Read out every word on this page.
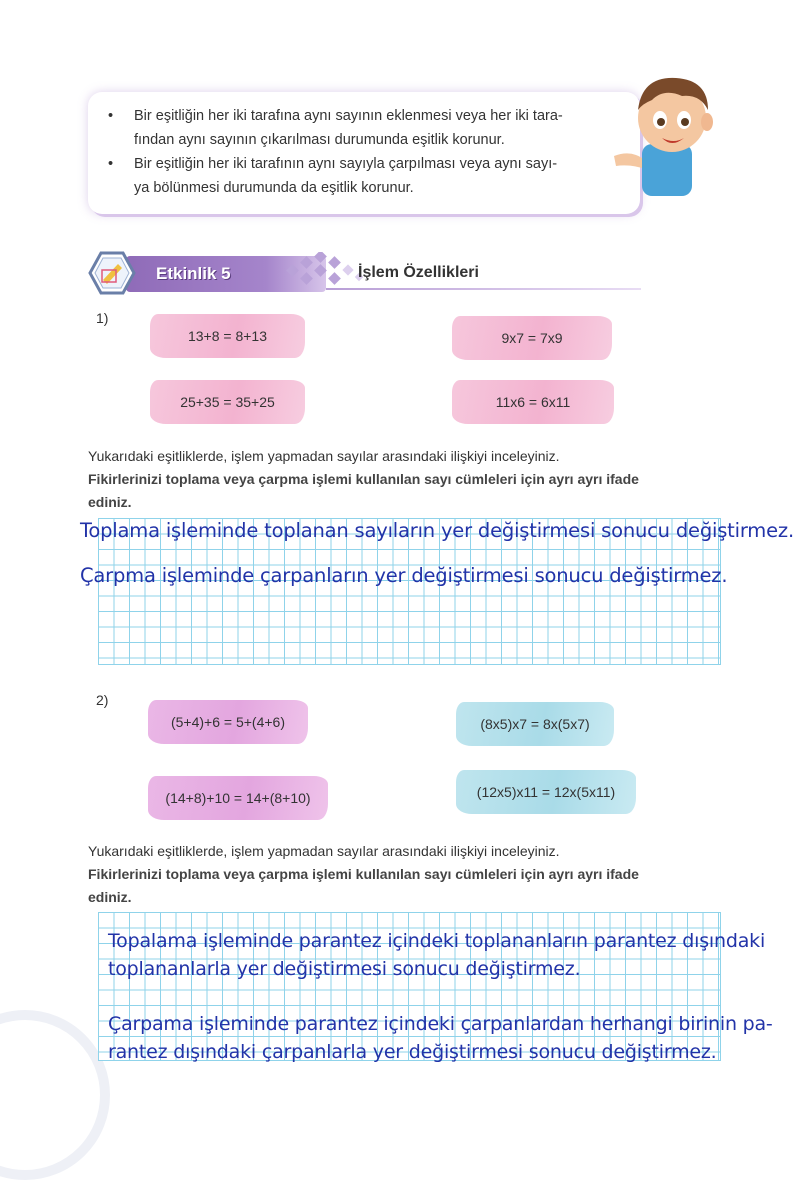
•	Bir eşitliğin her iki tarafına aynı sayının eklenmesi veya her iki tara-
fından aynı sayının çıkarılması durumunda eşitlik korunur.
•	Bir eşitliğin her iki tarafının aynı sayıyla çarpılması veya aynı sayı-
ya bölünmesi durumunda da eşitlik korunur.
Etkinlik 5	İşlem Özellikleri
1)
13+8 = 8+13	9x7 = 7x9
25+35 = 35+25	11x6 = 6x11
Yukarıdaki eşitliklerde, işlem yapmadan sayılar arasındaki ilişkiyi inceleyiniz.
Fikirlerinizi toplama veya çarpma işlemi kullanılan sayı cümleleri için ayrı ayrı ifade
ediniz.
Toplama işleminde toplanan sayıların yer değiştirmesi sonucu değiştirmez.
Çarpma işleminde çarpanların yer değiştirmesi sonucu değiştirmez.
2)
(5+4)+6 = 5+(4+6)	(8x5)x7 = 8x(5x7)
(14+8)+10 = 14+(8+10)	(12x5)x11 = 12x(5x11)
Yukarıdaki eşitliklerde, işlem yapmadan sayılar arasındaki ilişkiyi inceleyiniz.
Fikirlerinizi toplama veya çarpma işlemi kullanılan sayı cümleleri için ayrı ayrı ifade
ediniz.
Topalama işleminde parantez içindeki toplananların parantez dışındaki
toplananlarla yer değiştirmesi sonucu değiştirmez.
Çarpama işleminde parantez içindeki çarpanlardan herhangi birinin pa-
rantez dışındaki çarpanlarla yer değiştirmesi sonucu değiştirmez.
